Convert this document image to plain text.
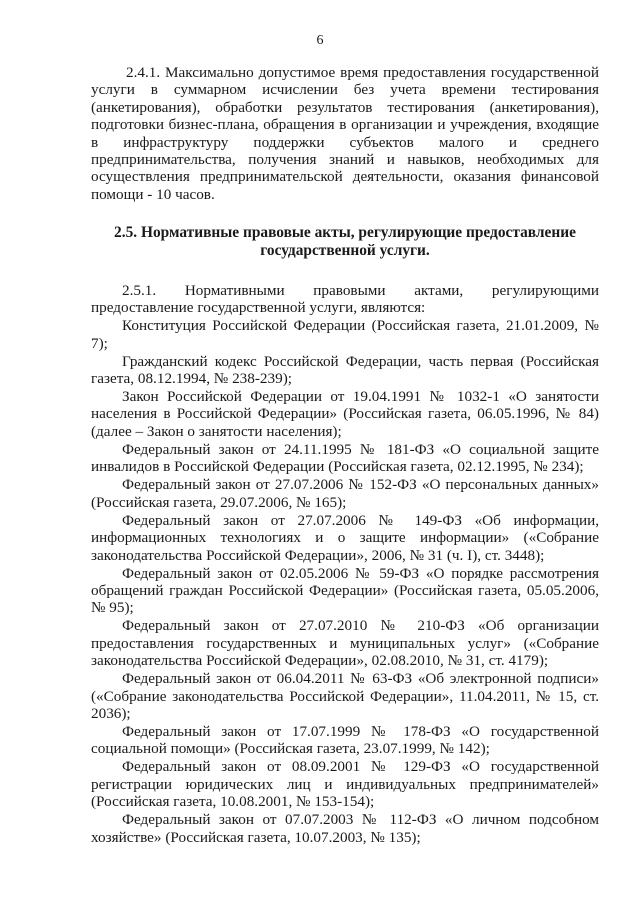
6

2.4.1. Максимально допустимое время предоставления государственной услуги в суммарном исчислении без учета времени тестирования (анкетирования), обработки результатов тестирования (анкетирования), подготовки бизнес-плана, обращения в организации и учреждения, входящие в инфраструктуру поддержки субъектов малого и среднего предпринимательства, получения знаний и навыков, необходимых для осуществления предпринимательской деятельности, оказания финансовой помощи - 10 часов.

2.5. Нормативные правовые акты, регулирующие предоставление государственной услуги.

2.5.1. Нормативными правовыми актами, регулирующими предоставление государственной услуги, являются:

Конституция Российской Федерации (Российская газета, 21.01.2009, № 7);

Гражданский кодекс Российской Федерации, часть первая (Российская газета, 08.12.1994, № 238-239);

Закон Российской Федерации от 19.04.1991 № 1032-1 «О занятости населения в Российской Федерации» (Российская газета, 06.05.1996, № 84) (далее – Закон о занятости населения);

Федеральный закон от 24.11.1995 № 181-ФЗ «О социальной защите инвалидов в Российской Федерации (Российская газета, 02.12.1995, № 234);

Федеральный закон от 27.07.2006 № 152-ФЗ «О персональных данных» (Российская газета, 29.07.2006, № 165);

Федеральный закон от 27.07.2006 № 149-ФЗ «Об информации, информационных технологиях и о защите информации» («Собрание законодательства Российской Федерации», 2006, № 31 (ч. I), ст. 3448);

Федеральный закон от 02.05.2006 № 59-ФЗ «О порядке рассмотрения обращений граждан Российской Федерации» (Российская газета, 05.05.2006, № 95);

Федеральный закон от 27.07.2010 № 210-ФЗ «Об организации предоставления государственных и муниципальных услуг» («Собрание законодательства Российской Федерации», 02.08.2010, № 31, ст. 4179);

Федеральный закон от 06.04.2011 № 63-ФЗ «Об электронной подписи» («Собрание законодательства Российской Федерации», 11.04.2011, № 15, ст. 2036);

Федеральный закон от 17.07.1999 № 178-ФЗ «О государственной социальной помощи» (Российская газета, 23.07.1999, № 142);

Федеральный закон от 08.09.2001 № 129-ФЗ «О государственной регистрации юридических лиц и индивидуальных предпринимателей» (Российская газета, 10.08.2001, № 153-154);

Федеральный закон от 07.07.2003 № 112-ФЗ «О личном подсобном хозяйстве» (Российская газета, 10.07.2003, № 135);
